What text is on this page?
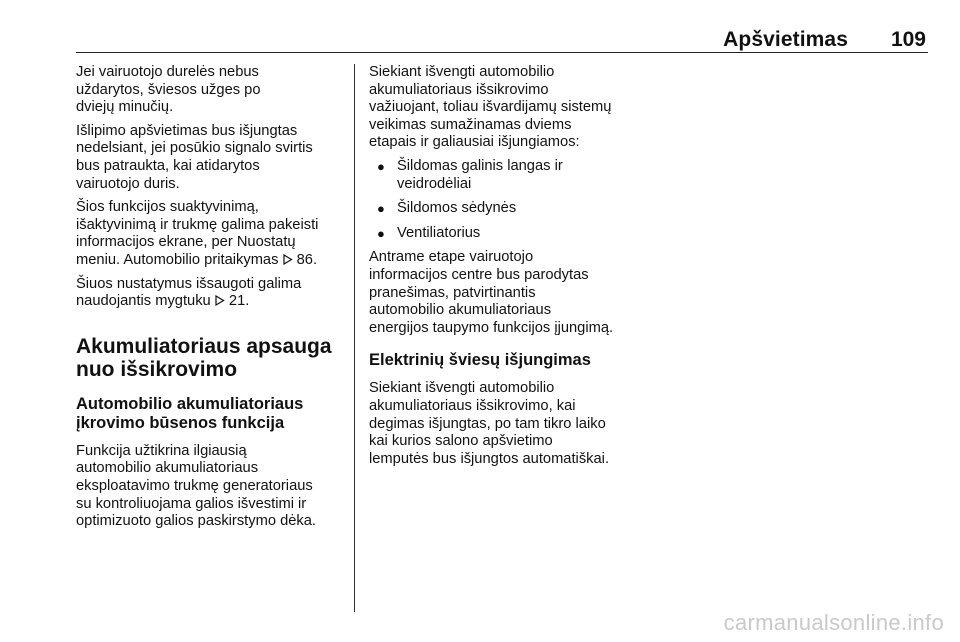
Apšvietimas 109

Jei vairuotojo durelės nebus
uždarytos, šviesos užges po
dviejų minučių.

Išlipimo apšvietimas bus išjungtas
nedelsiant, jei posūkio signalo svirtis
bus patraukta, kai atidarytos
vairuotojo duris.

Šios funkcijos suaktyvinimą,
išaktyvinimą ir trukmę galima pakeisti
informacijos ekrane, per Nuostatų
meniu. Automobilio pritaikymas  86.

Šiuos nustatymus išsaugoti galima
naudojantis mygtuku  21.

Akumuliatoriaus apsauga
nuo išsikrovimo
Automobilio akumuliatoriaus
įkrovimo būsenos funkcija

Funkcija užtikrina ilgiausią
automobilio akumuliatoriaus
eksploatavimo trukmę generatoriaus
su kontroliuojama galios išvestimi ir
optimizuoto galios paskirstymo dėka.

Siekiant išvengti automobilio
akumuliatoriaus išsikrovimo
važiuojant, toliau išvardijamų sistemų
veikimas sumažinamas dviems
etapais ir galiausiai išjungiamos:

● Šildomas galinis langas ir
veidrodėliai
● Šildomos sėdynės
● Ventiliatorius

Antrame etape vairuotojo
informacijos centre bus parodytas
pranešimas, patvirtinantis
automobilio akumuliatoriaus
energijos taupymo funkcijos įjungimą.

Elektrinių šviesų išjungimas

Siekiant išvengti automobilio
akumuliatoriaus išsikrovimo, kai
degimas išjungtas, po tam tikro laiko
kai kurios salono apšvietimo
lemputės bus išjungtos automatiškai.

carmanualsonline.info
